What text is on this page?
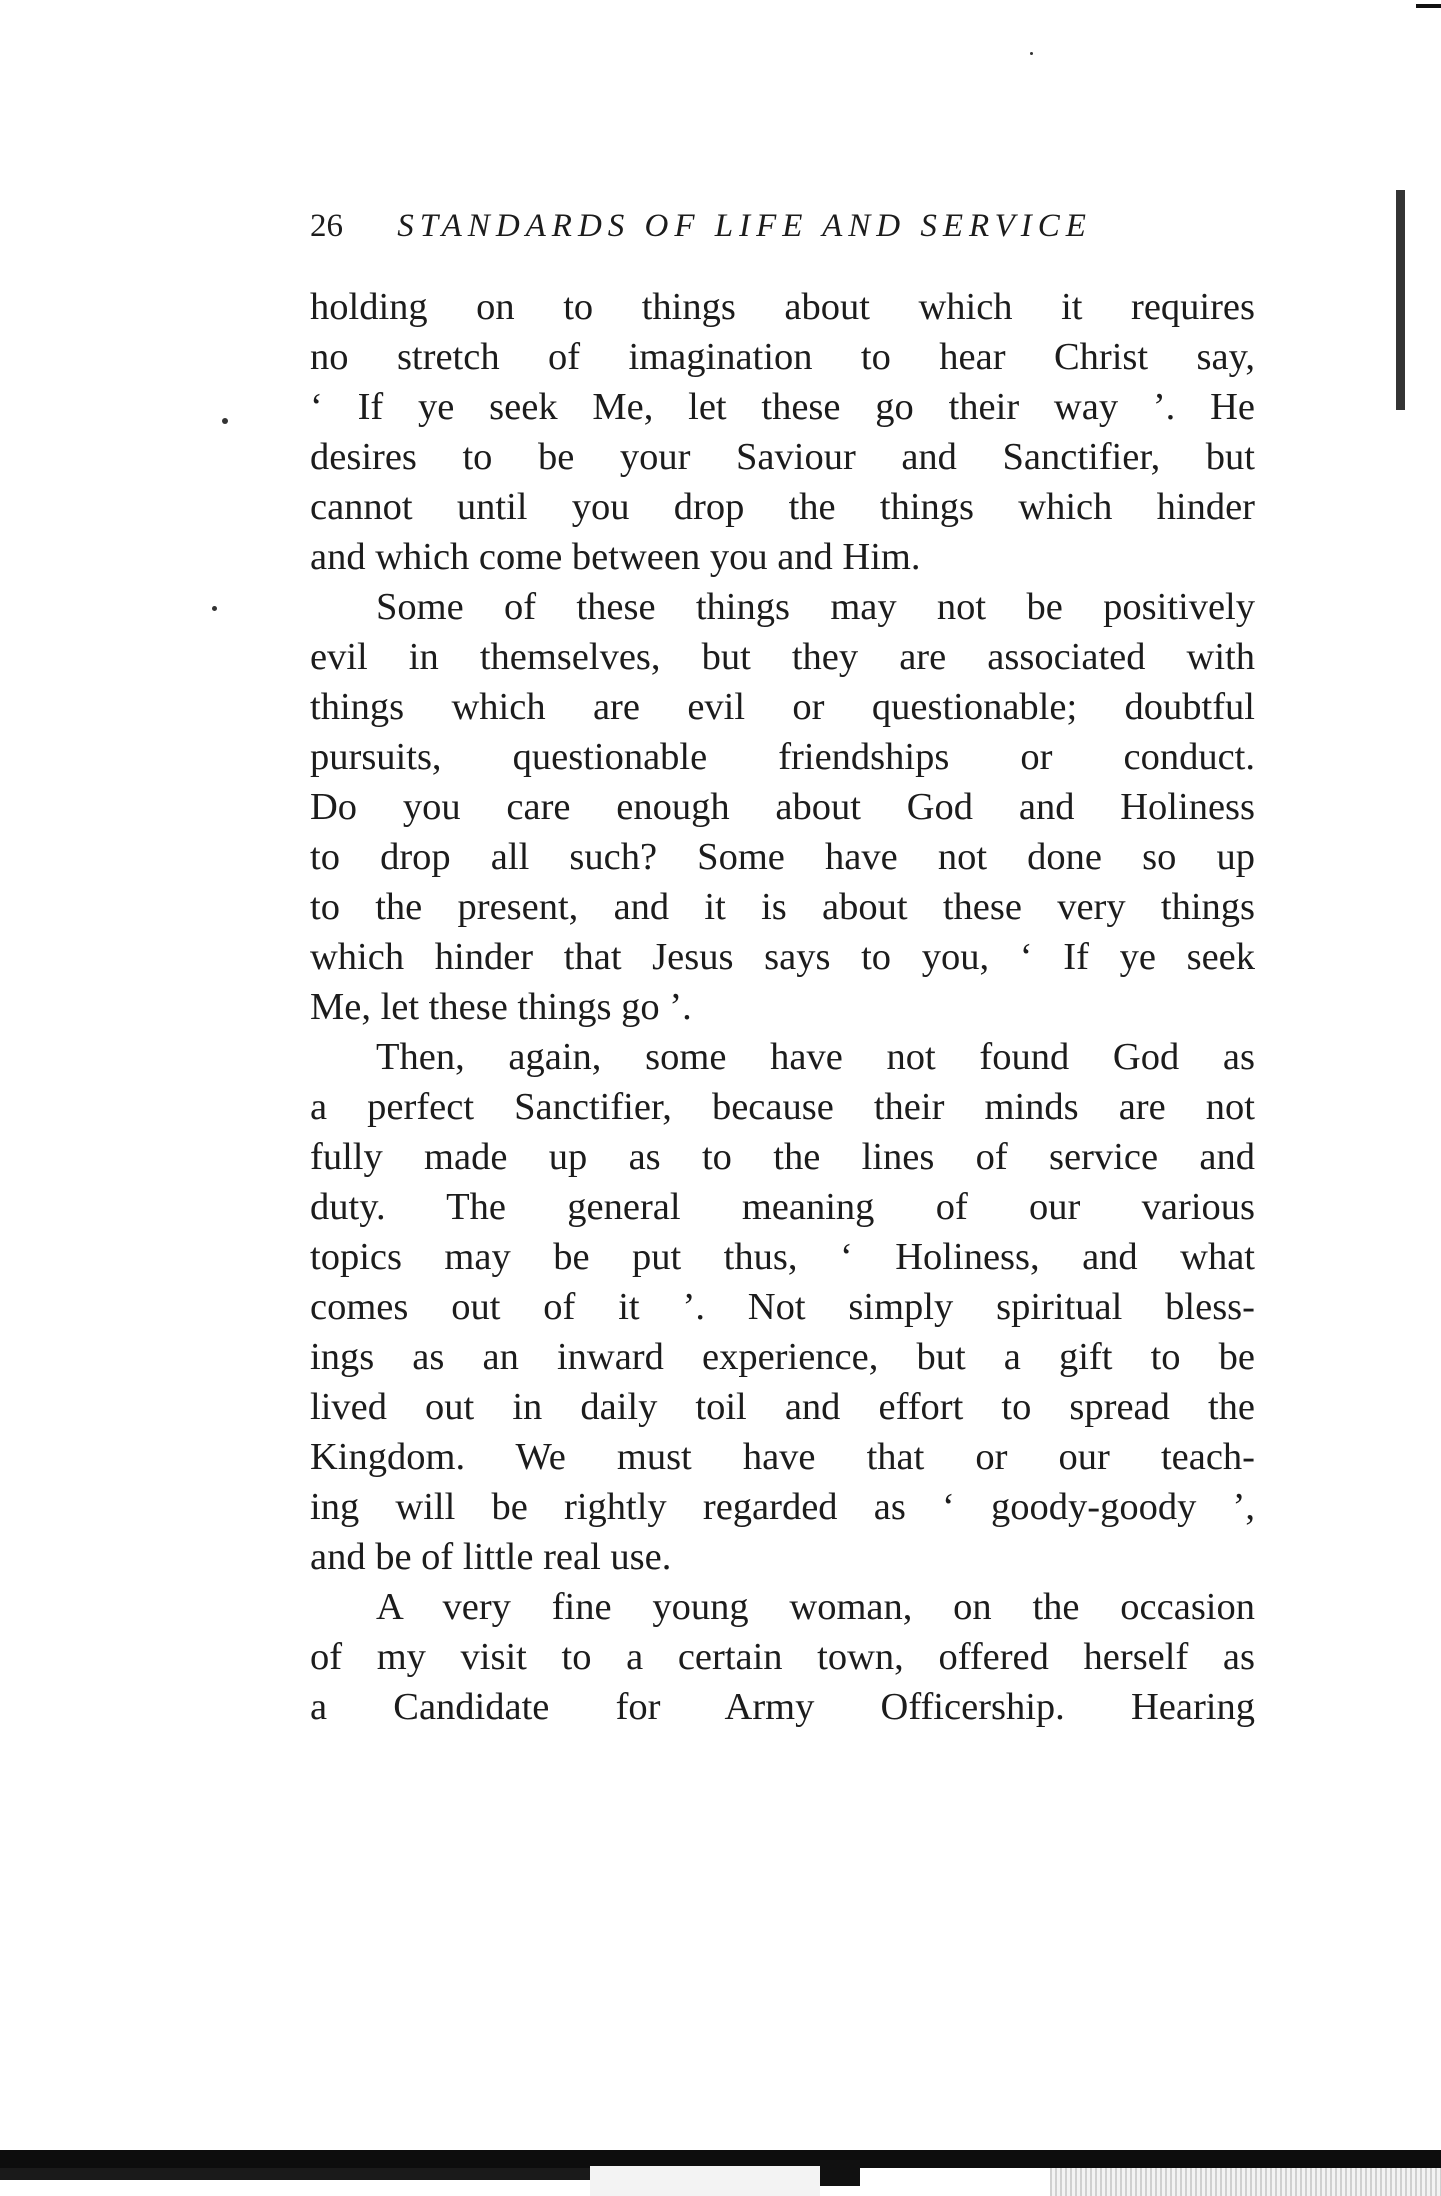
26 STANDARDS OF LIFE AND SERVICE
holding on to things about which it requires
no stretch of imagination to hear Christ say,
‘ If ye seek Me, let these go their way ’. He
desires to be your Saviour and Sanctifier, but
cannot until you drop the things which hinder
and which come between you and Him.
Some of these things may not be positively
evil in themselves, but they are associated with
things which are evil or questionable; doubtful
pursuits, questionable friendships or conduct.
Do you care enough about God and Holiness
to drop all such? Some have not done so up
to the present, and it is about these very things
which hinder that Jesus says to you, ‘ If ye seek
Me, let these things go ’.
Then, again, some have not found God as
a perfect Sanctifier, because their minds are not
fully made up as to the lines of service and
duty. The general meaning of our various
topics may be put thus, ‘ Holiness, and what
comes out of it ’. Not simply spiritual bless-
ings as an inward experience, but a gift to be
lived out in daily toil and effort to spread the
Kingdom. We must have that or our teach-
ing will be rightly regarded as ‘ goody-goody ’,
and be of little real use.
A very fine young woman, on the occasion
of my visit to a certain town, offered herself as
a Candidate for Army Officership. Hearing
